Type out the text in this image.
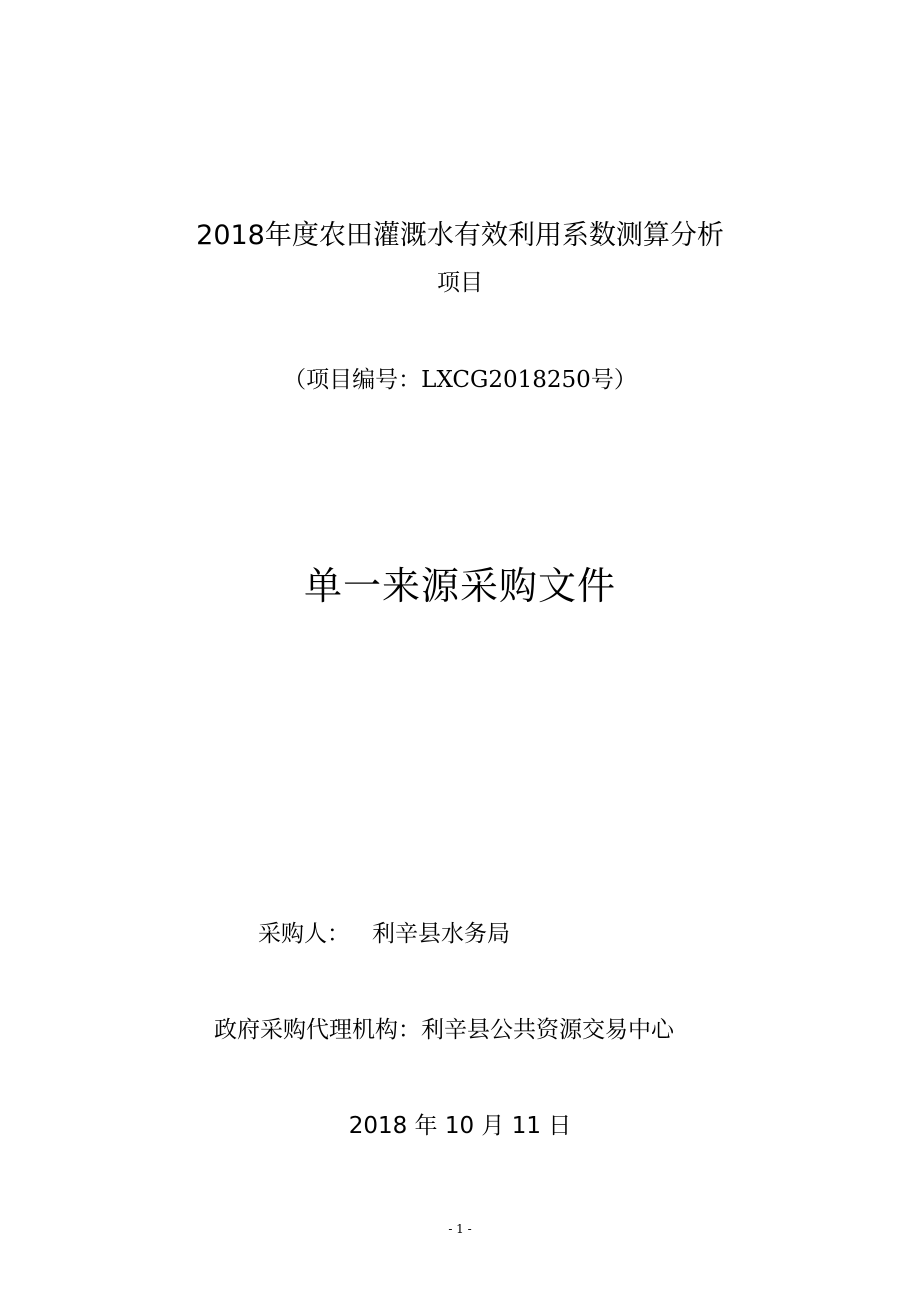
2018年度农田灌溉水有效利用系数测算分析
项目
（项目编号：LXCG2018250号）
单一来源采购文件
采购人： 利辛县水务局
政府采购代理机构：利辛县公共资源交易中心
2018 年 10 月 11 日
- 1 -
